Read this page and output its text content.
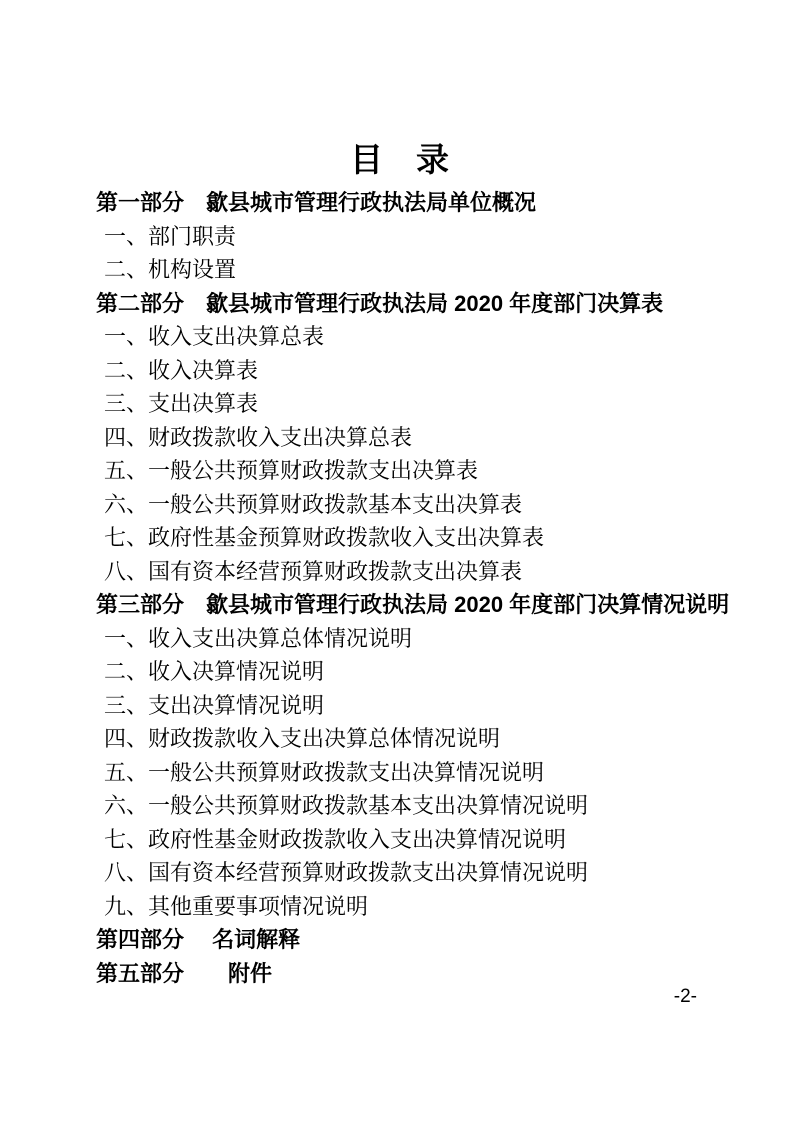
目　录
第一部分　歙县城市管理行政执法局单位概况
一、部门职责
二、机构设置
第二部分　歙县城市管理行政执法局 2020 年度部门决算表
一、收入支出决算总表
二、收入决算表
三、支出决算表
四、财政拨款收入支出决算总表
五、一般公共预算财政拨款支出决算表
六、一般公共预算财政拨款基本支出决算表
七、政府性基金预算财政拨款收入支出决算表
八、国有资本经营预算财政拨款支出决算表
第三部分　歙县城市管理行政执法局 2020 年度部门决算情况说明
一、收入支出决算总体情况说明
二、收入决算情况说明
三、支出决算情况说明
四、财政拨款收入支出决算总体情况说明
五、一般公共预算财政拨款支出决算情况说明
六、一般公共预算财政拨款基本支出决算情况说明
七、政府性基金财政拨款收入支出决算情况说明
八、国有资本经营预算财政拨款支出决算情况说明
九、其他重要事项情况说明
第四部分　 名词解释
第五部分　　附件
-2-
